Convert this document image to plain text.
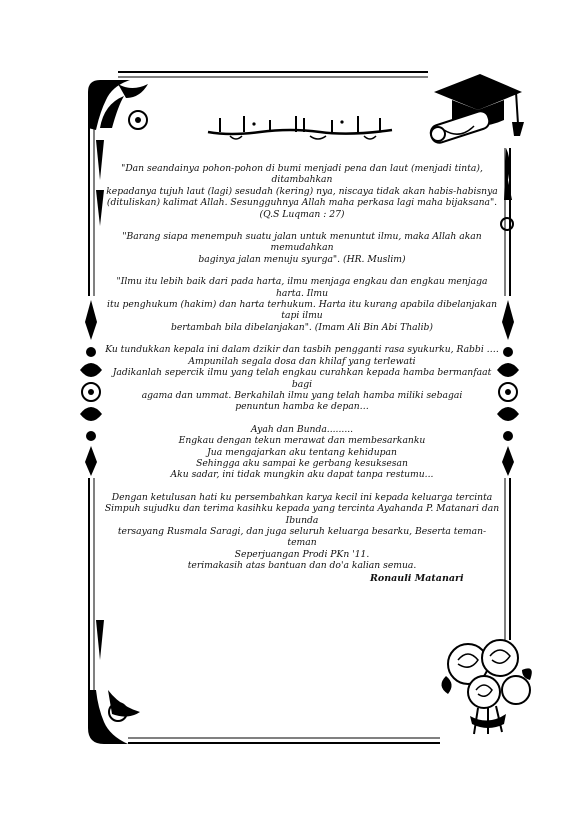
"Dan seandainya pohon-pohon di bumi menjadi pena dan laut (menjadi tinta), ditambahkan

kepadanya tujuh laut (lagi) sesudah (kering) nya, niscaya tidak akan habis-habisnya

(dituliskan) kalimat Allah. Sesungguhnya Allah maha perkasa lagi maha bijaksana".

(Q.S Luqman : 27)

"Barang siapa menempuh suatu jalan untuk menuntut ilmu, maka Allah akan memudahkan

baginya jalan menuju syurga". (HR. Muslim)

"Ilmu itu lebih baik dari pada harta, ilmu menjaga engkau dan engkau menjaga harta. Ilmu

itu penghukum (hakim) dan harta terhukum. Harta itu kurang apabila dibelanjakan tapi ilmu

bertambah bila dibelanjakan". (Imam Ali Bin Abi Thalib)

Ku tundukkan kepala ini dalam dzikir dan tasbih pengganti rasa syukurku, Rabbi ….

Ampunilah segala dosa dan khilaf yang terlewati

Jadikanlah sepercik ilmu yang telah engkau curahkan kepada hamba bermanfaat bagi

agama dan ummat. Berkahilah ilmu yang telah hamba miliki sebagai

penuntun hamba ke depan…

Ayah dan Bunda.........

Engkau dengan tekun merawat dan membesarkanku

Jua mengajarkan aku tentang kehidupan

Sehingga aku sampai ke gerbang kesuksesan

Aku sadar, ini tidak mungkin aku dapat tanpa restumu...

Dengan ketulusan hati ku persembahkan karya kecil ini kepada keluarga tercinta

Simpuh sujudku dan terima kasihku kepada yang tercinta Ayahanda P. Matanari dan Ibunda

tersayang Rusmala Saragi, dan juga seluruh keluarga besarku, Beserta teman-teman

Seperjuangan Prodi PKn '11.

terimakasih atas bantuan dan do'a kalian semua.

Ronauli Matanari
